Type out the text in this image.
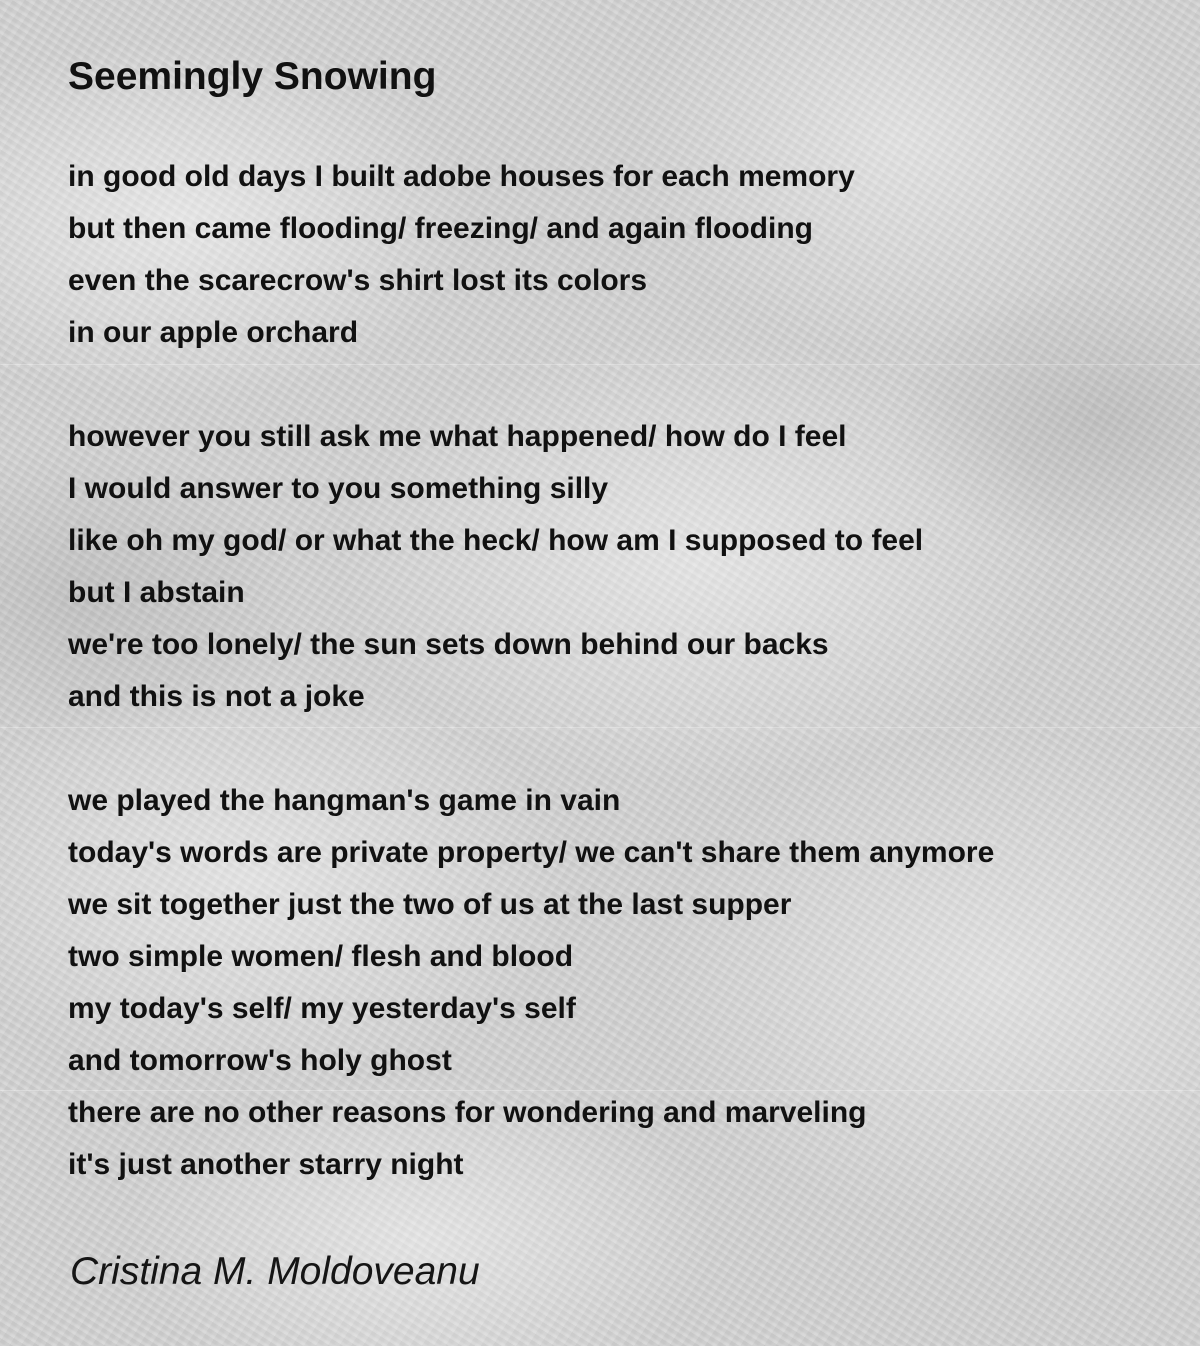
Seemingly Snowing
in good old days I built adobe houses for each memory
but then came flooding/ freezing/ and again flooding
even the scarecrow's shirt lost its colors
in our apple orchard
however you still ask me what happened/ how do I feel
I would answer to you something silly
like oh my god/ or what the heck/ how am I supposed to feel
but I abstain
we're too lonely/ the sun sets down behind our backs
and this is not a joke
we played the hangman's game in vain
today's words are private property/ we can't share them anymore
we sit together just the two of us at the last supper
two simple women/ flesh and blood
my today's self/ my yesterday's self
and tomorrow's holy ghost
there are no other reasons for wondering and marveling
it's just another starry night

Cristina M. Moldoveanu
